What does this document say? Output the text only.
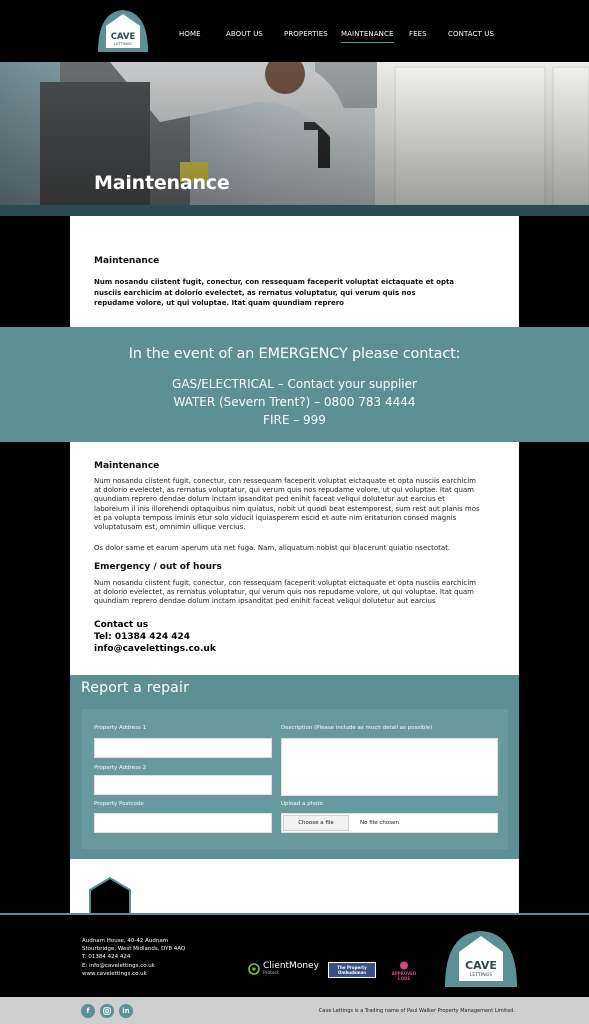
CAVE
LETTINGS
HOME	ABOUT US	PROPERTIES MAINTENANCE FEES	CONTACT US
Maintenance
Maintenance
Num nosandu ciistent fugit, conectur, con ressequam faceperit voluptat eictaquate et opta nusciis earchicim at dolorio evelectet, as rernatus voluptatur, qui verum quis nos repudame volore, ut qui voluptae. Itat quam quundiam reprero
In the event of an EMERGENCY please contact:
GAS/ELECTRICAL – Contact your supplier
WATER (Severn Trent?) – 0800 783 4444
FIRE – 999
Maintenance

Num nosandu ciistent fugit, conectur, con ressequam faceperit voluptat eictaquate et opta nusciis earchicim at dolorio evelectet, as rernatus voluptatur, qui verum quis nos repudame volore, ut qui voluptae. Itat quam quundiam reprero dendae dolum inctam ipsanditat ped enihit faceat veliqui dolutetur aut earcius et laboreium il inis illorehendi optaquibus nim quiatus, nobit ut quodi beat estemporest, sum rest aut planis mos et pa volupta temposs iminis etur solo viducil iquiasperem escid et aute nim eritaturion consed magnis voluptatusam est, omnimin ullique vercius.

Os dolor same et earum aperum uta net fuga. Nam, aliquatum nobist qui blacerunt quiatio nsectotat.

Emergency / out of hours

Num nosandu ciistent fugit, conectur, con ressequam faceperit voluptat eictaquate et opta nusciis earchicim at dolorio evelectet, as rernatus voluptatur, qui verum quis nos repudame volore, ut qui voluptae. Itat quam quundiam reprero dendae dolum inctam ipsanditat ped enihit faceat veliqui dolutetur aut earcius

Contact us
Tel: 01384 424 424
info@cavelettings.co.uk
Report a repair
Property Address 1
Property Address 2
Property Postcode
Description (Please include as much detail as possible)
Upload a photo
Choose a file	No file chosen
Audnam House, 40-42 Audnam
Stourbridge, West Midlands, DY8 4AQ
T: 01384 424 424
E: info@cavelettings.co.uk
www.cavelettings.co.uk
ClientMoney
Protect
The Property Ombudsman	APPROVED CODE
CAVE
LETTINGS
f	in	Cave Lettings is a Trading name of Paul Walker Property Management Limited.
